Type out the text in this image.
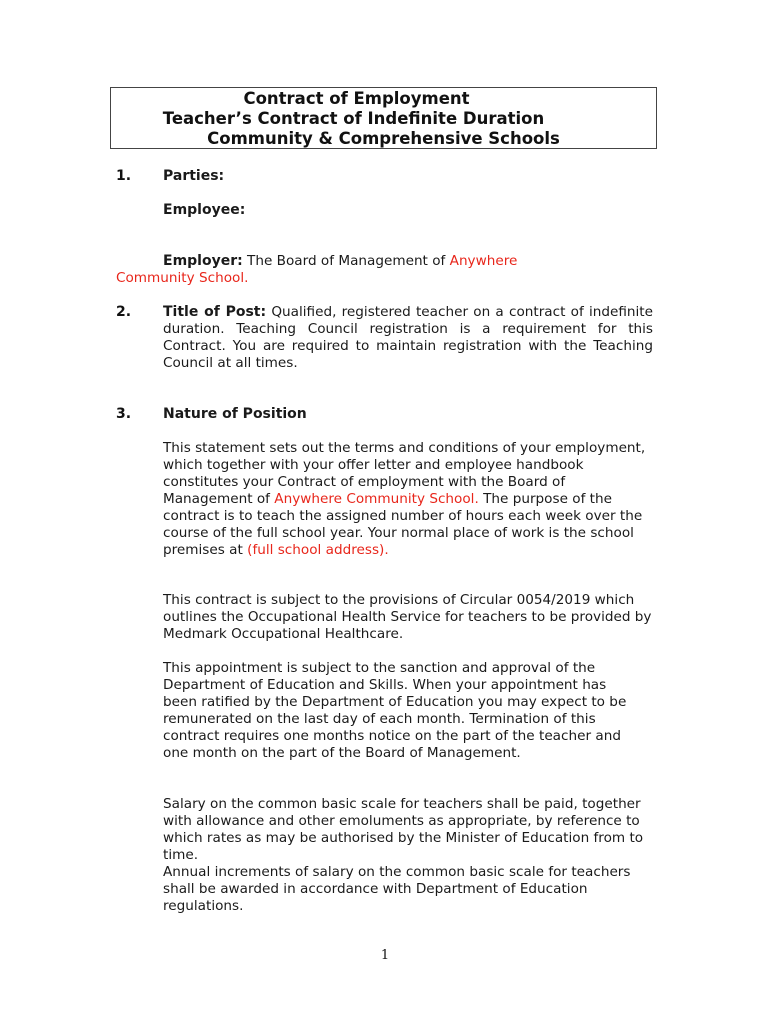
Contract of Employment
Teacher’s Contract of Indefinite Duration
Community & Comprehensive Schools
1. Parties:
Employee:
Employer: The Board of Management of Anywhere
Community School.
2. Title of Post: Qualified, registered teacher on a contract of indefinite duration. Teaching Council registration is a requirement for this Contract. You are required to maintain registration with the Teaching Council at all times.
3. Nature of Position
This statement sets out the terms and conditions of your employment, which together with your offer letter and employee handbook constitutes your Contract of employment with the Board of Management of Anywhere Community School. The purpose of the contract is to teach the assigned number of hours each week over the course of the full school year. Your normal place of work is the school premises at (full school address).
This contract is subject to the provisions of Circular 0054/2019 which outlines the Occupational Health Service for teachers to be provided by Medmark Occupational Healthcare.
This appointment is subject to the sanction and approval of the Department of Education and Skills. When your appointment has been ratified by the Department of Education you may expect to be remunerated on the last day of each month. Termination of this contract requires one months notice on the part of the teacher and one month on the part of the Board of Management.
Salary on the common basic scale for teachers shall be paid, together with allowance and other emoluments as appropriate, by reference to which rates as may be authorised by the Minister of Education from to time.
Annual increments of salary on the common basic scale for teachers shall be awarded in accordance with Department of Education regulations.
1
